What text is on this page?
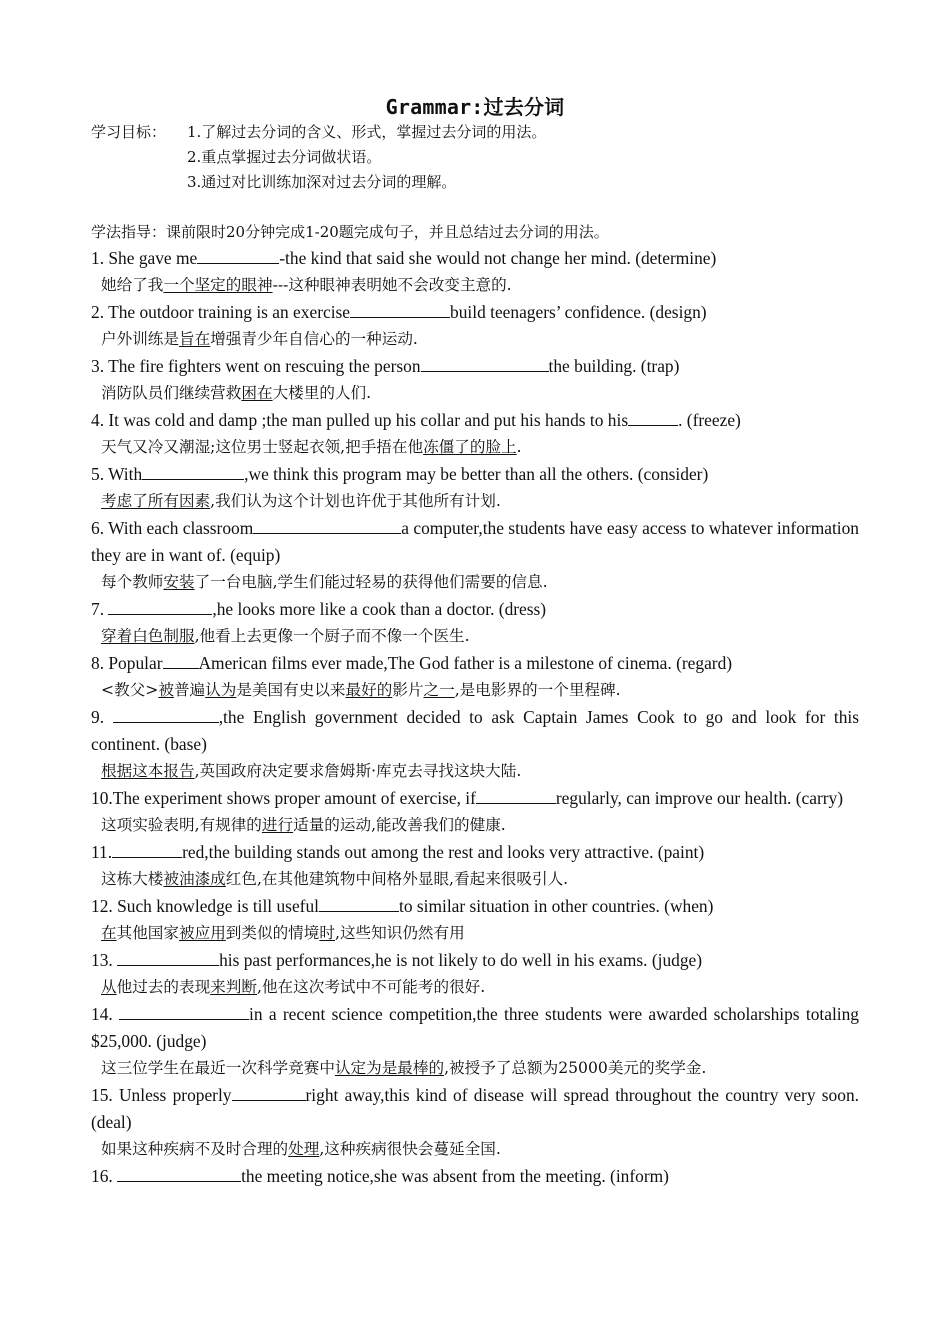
Grammar:过去分词
学习目标：	1.了解过去分词的含义、形式，掌握过去分词的用法。
2.重点掌握过去分词做状语。
3.通过对比训练加深对过去分词的理解。
学法指导：课前限时20分钟完成1-20题完成句子，并且总结过去分词的用法。
1. She gave me	-the kind that said she would not change her mind. (determine)
她给了我一个坚定的眼神---这种眼神表明她不会改变主意的.
2. The outdoor training is an exercise	build teenagers’ confidence. (design)
户外训练是旨在增强青少年自信心的一种运动.
3. The fire fighters went on rescuing the person	the building. (trap)
消防队员们继续营救困在大楼里的人们.
4. It was cold and damp ;the man pulled up his collar and put his hands to his	. (freeze)
天气又冷又潮湿;这位男士竖起衣领,把手捂在他冻僵了的脸上.
5. With	,we think this program may be better than all the others. (consider)
考虑了所有因素,我们认为这个计划也许优于其他所有计划.
6. With each classroom	a computer,the students have easy access to whatever information they are in want of. (equip)
每个教师安装了一台电脑,学生们能过轻易的获得他们需要的信息.
7.	,he looks more like a cook than a doctor. (dress)
穿着白色制服,他看上去更像一个厨子而不像一个医生.
8. Popular American films ever made,The God father is a milestone of cinema. (regard)
<教父>被普遍认为是美国有史以来最好的影片之一,是电影界的一个里程碑.
9.	,the English government decided to ask Captain James Cook to go and look for this continent. (base)
根据这本报告,英国政府决定要求詹姆斯·库克去寻找这块大陆.
10.The experiment shows proper amount of exercise, if	regularly, can improve our health. (carry)
这项实验表明,有规律的进行适量的运动,能改善我们的健康.
11.	red,the building stands out among the rest and looks very attractive. (paint)
这栋大楼被油漆成红色,在其他建筑物中间格外显眼,看起来很吸引人.
12. Such knowledge is till useful	to similar situation in other countries. (when)
在其他国家被应用到类似的情境时,这些知识仍然有用
13.	his past performances,he is not likely to do well in his exams. (judge)
从他过去的表现来判断,他在这次考试中不可能考的很好.
14.	in a recent science competition,the three students were awarded scholarships totaling $25,000. (judge)
这三位学生在最近一次科学竞赛中认定为是最棒的,被授予了总额为25000美元的奖学金.
15. Unless properly	right away,this kind of disease will spread throughout the country very soon. (deal)
如果这种疾病不及时合理的处理,这种疾病很快会蔓延全国.
16.	the meeting notice,she was absent from the meeting. (inform)
